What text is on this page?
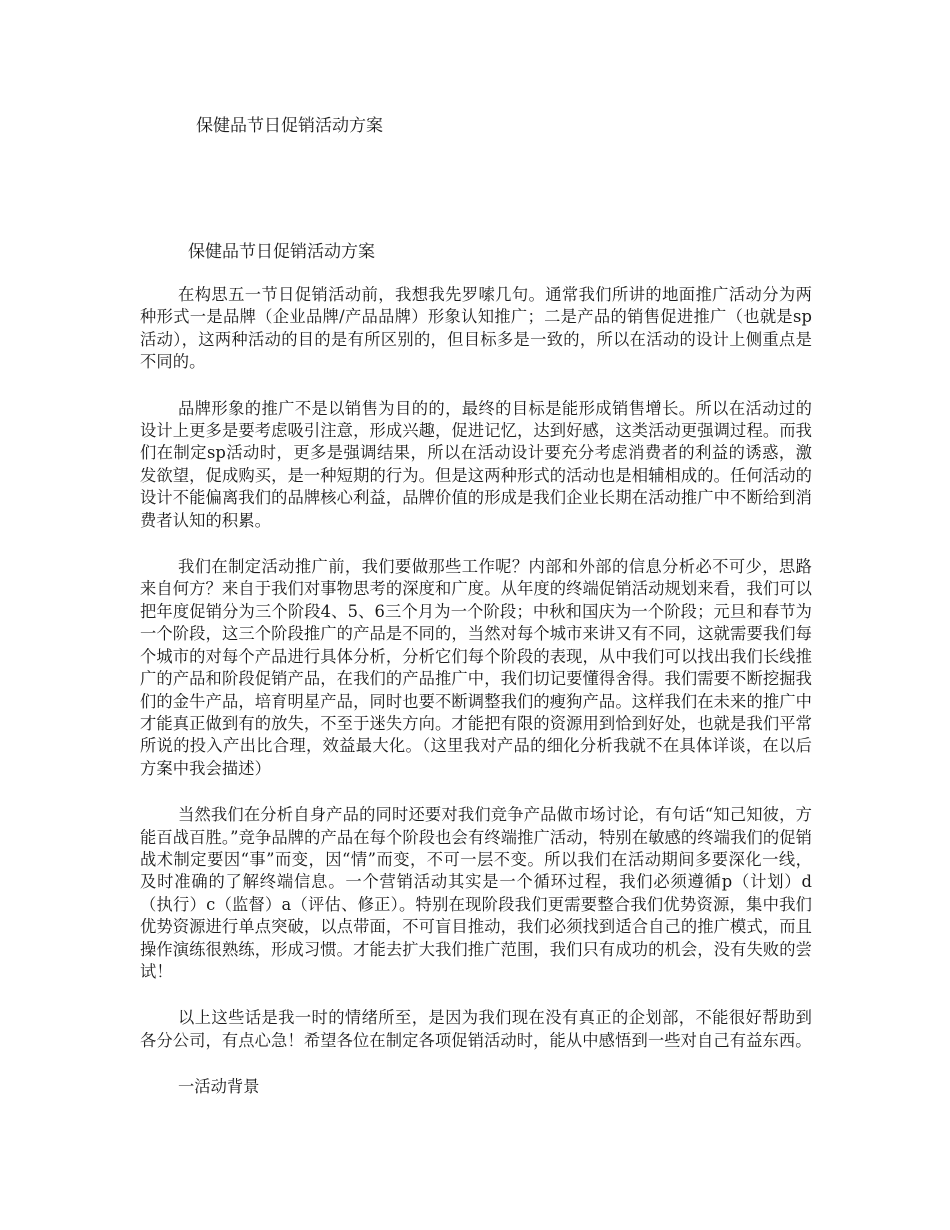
保健品节日促销活动方案
保健品节日促销活动方案

在构思五一节日促销活动前，我想我先罗嗦几句。通常我们所讲的地面推广活动分为两种形式一是品牌（企业品牌/产品品牌）形象认知推广；二是产品的销售促进推广（也就是sp活动），这两种活动的目的是有所区别的，但目标多是一致的，所以在活动的设计上侧重点是不同的。

品牌形象的推广不是以销售为目的的，最终的目标是能形成销售增长。所以在活动过的设计上更多是要考虑吸引注意，形成兴趣，促进记忆，达到好感，这类活动更强调过程。而我们在制定sp活动时，更多是强调结果，所以在活动设计要充分考虑消费者的利益的诱惑，激发欲望，促成购买，是一种短期的行为。但是这两种形式的活动也是相辅相成的。任何活动的设计不能偏离我们的品牌核心利益，品牌价值的形成是我们企业长期在活动推广中不断给到消费者认知的积累。

我们在制定活动推广前，我们要做那些工作呢？内部和外部的信息分析必不可少，思路来自何方？来自于我们对事物思考的深度和广度。从年度的终端促销活动规划来看，我们可以把年度促销分为三个阶段4、5、6三个月为一个阶段；中秋和国庆为一个阶段；元旦和春节为一个阶段，这三个阶段推广的产品是不同的，当然对每个城市来讲又有不同，这就需要我们每个城市的对每个产品进行具体分析，分析它们每个阶段的表现，从中我们可以找出我们长线推广的产品和阶段促销产品，在我们的产品推广中，我们切记要懂得舍得。我们需要不断挖掘我们的金牛产品，培育明星产品，同时也要不断调整我们的瘦狗产品。这样我们在未来的推广中才能真正做到有的放失，不至于迷失方向。才能把有限的资源用到恰到好处，也就是我们平常所说的投入产出比合理，效益最大化。（这里我对产品的细化分析我就不在具体详谈，在以后方案中我会描述）

当然我们在分析自身产品的同时还要对我们竞争产品做市场讨论，有句话“知己知彼，方能百战百胜。”竞争品牌的产品在每个阶段也会有终端推广活动，特别在敏感的终端我们的促销战术制定要因“事”而变，因“情”而变，不可一层不变。所以我们在活动期间多要深化一线，及时准确的了解终端信息。一个营销活动其实是一个循环过程，我们必须遵循p（计划）d（执行）c（监督）a（评估、修正）。特别在现阶段我们更需要整合我们优势资源，集中我们优势资源进行单点突破，以点带面，不可盲目推动，我们必须找到适合自己的推广模式，而且操作演练很熟练，形成习惯。才能去扩大我们推广范围，我们只有成功的机会，没有失败的尝试！

以上这些话是我一时的情绪所至，是因为我们现在没有真正的企划部，不能很好帮助到各分公司，有点心急！希望各位在制定各项促销活动时，能从中感悟到一些对自己有益东西。

一活动背景
